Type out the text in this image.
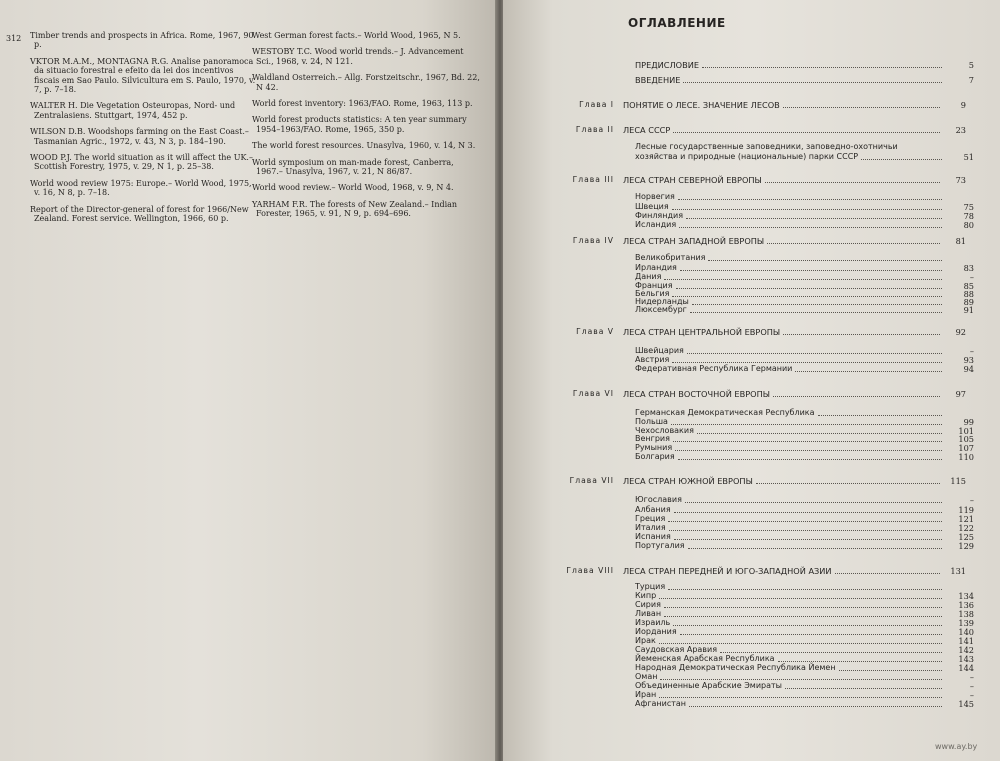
312 Timber trends and prospects in Africa. Rome, 1967, 90 p.

VKTOR M.A.M., MONTAGNA R.G. Analise panoramoca da situacio forestral e efeito da lei dos incentivos fiscais em Sao Paulo. Silvicultura em S. Paulo, 1970, v. 7, p. 7–18.

WALTER H. Die Vegetation Osteuropas, Nord- und Zentralasiens. Stuttgart, 1974, 452 p.

WILSON D.B. Woodshops farming on the East Coast.– Tasmanian Agric., 1972, v. 43, N 3, p. 184–190.

WOOD P.J. The world situation as it will affect the UK.– Scottish Forestry, 1975, v. 29, N 1, p. 25–38.

World wood review 1975: Europe.– World Wood, 1975, v. 16, N 8, p. 7–18.

Report of the Director-general of forest for 1966/New Zealand. Forest service. Wellington, 1966, 60 p.

West German forest facts.– World Wood, 1965, N 5.

WESTOBY T.C. Wood world trends.– J. Advancement Sci., 1968, v. 24, N 121.

Waldland Osterreich.– Allg. Forstzeitschr., 1967, Bd. 22, N 42.

World forest inventory: 1963/FAO. Rome, 1963, 113 p.

World forest products statistics: A ten year summary 1954–1963/FAO. Rome, 1965, 350 p.

The world forest resources. Unasylva, 1960, v. 14, N 3.

World symposium on man-made forest, Canberra, 1967.– Unasylva, 1967, v. 21, N 86/87.

World wood review.– World Wood, 1968, v. 9, N 4.

YARHAM F.R. The forests of New Zealand.– Indian Forester, 1965, v. 91, N 9, p. 694–696.

ОГЛАВЛЕНИЕ
ПРЕДИСЛОВИЕ	5
ВВЕДЕНИЕ	7
Глава I ПОНЯТИЕ О ЛЕСЕ. ЗНАЧЕНИЕ ЛЕСОВ	9
Глава II ЛЕСА СССР	23
Лесные государственные заповедники, заповедно-охотничьи
хозяйства и природные (национальные) парки СССР	51
Глава III ЛЕСА СТРАН СЕВЕРНОЙ ЕВРОПЫ	73
Норвегия
Швеция	75
Финляндия	78
Исландия	80
Глава IV ЛЕСА СТРАН ЗАПАДНОЙ ЕВРОПЫ	81
Великобритания
Ирландия	83
Дания	–
Франция	85
Бельгия	88
Нидерланды	89
Люксембург	91
Глава V ЛЕСА СТРАН ЦЕНТРАЛЬНОЙ ЕВРОПЫ	92
Швейцария	–
Австрия	93
Федеративная Республика Германии	94
Глава VI ЛЕСА СТРАН ВОСТОЧНОЙ ЕВРОПЫ	97
Германская Демократическая Республика
Польша	99
Чехословакия	101
Венгрия	105
Румыния	107
Болгария	110
Глава VII ЛЕСА СТРАН ЮЖНОЙ ЕВРОПЫ	115
Югославия	–
Албания	119
Греция	121
Италия	122
Испания	125
Португалия	129
Глава VIII ЛЕСА СТРАН ПЕРЕДНЕЙ И ЮГО-ЗАПАДНОЙ АЗИИ	131
Турция
Кипр	134
Сирия	136
Ливан	138
Израиль	139
Иордания	140
Ирак	141
Саудовская Аравия	142
Йеменская Арабская Республика	143
Народная Демократическая Республика Йемен	144
Оман	–
Объединенные Арабские Эмираты	–
Иран	–
Афганистан	145
www.ay.by
